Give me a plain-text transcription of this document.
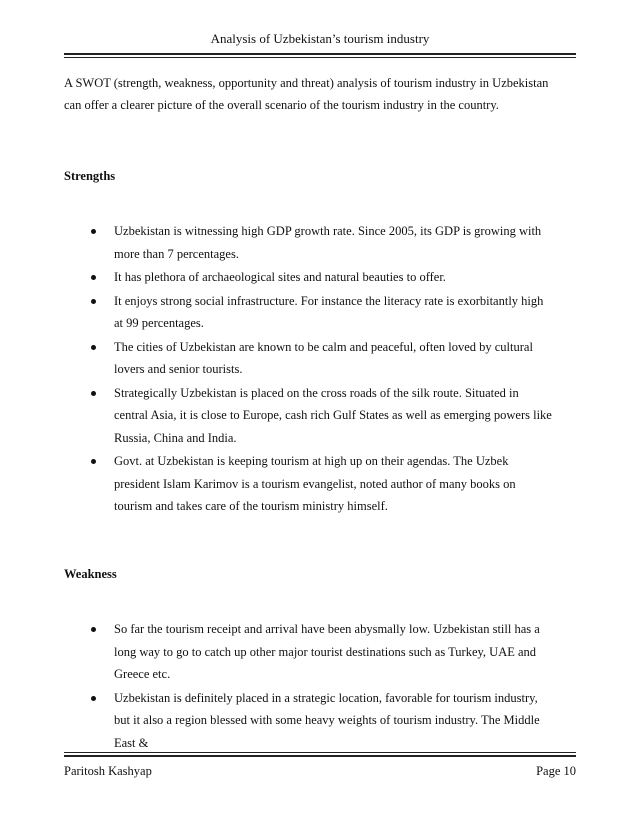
Analysis of Uzbekistan’s tourism industry

A SWOT (strength, weakness, opportunity and threat) analysis of tourism industry in Uzbekistan can offer a clearer picture of the overall scenario of the tourism industry in the country.

Strengths

Uzbekistan is witnessing high GDP growth rate. Since 2005, its GDP is growing with more than 7 percentages.
It has plethora of archaeological sites and natural beauties to offer.
It enjoys strong social infrastructure. For instance the literacy rate is exorbitantly high at 99 percentages.
The cities of Uzbekistan are known to be calm and peaceful, often loved by cultural lovers and senior tourists.
Strategically Uzbekistan is placed on the cross roads of the silk route. Situated in central Asia, it is close to Europe, cash rich Gulf States as well as emerging powers like Russia, China and India.
Govt. at Uzbekistan is keeping tourism at high up on their agendas. The Uzbek president Islam Karimov is a tourism evangelist, noted author of many books on tourism and takes care of the tourism ministry himself.

Weakness

So far the tourism receipt and arrival have been abysmally low. Uzbekistan still has a long way to go to catch up other major tourist destinations such as Turkey, UAE and Greece etc.
Uzbekistan is definitely placed in a strategic location, favorable for tourism industry, but it also a region blessed with some heavy weights of tourism industry. The Middle East &
Paritosh Kashyap	Page 10
